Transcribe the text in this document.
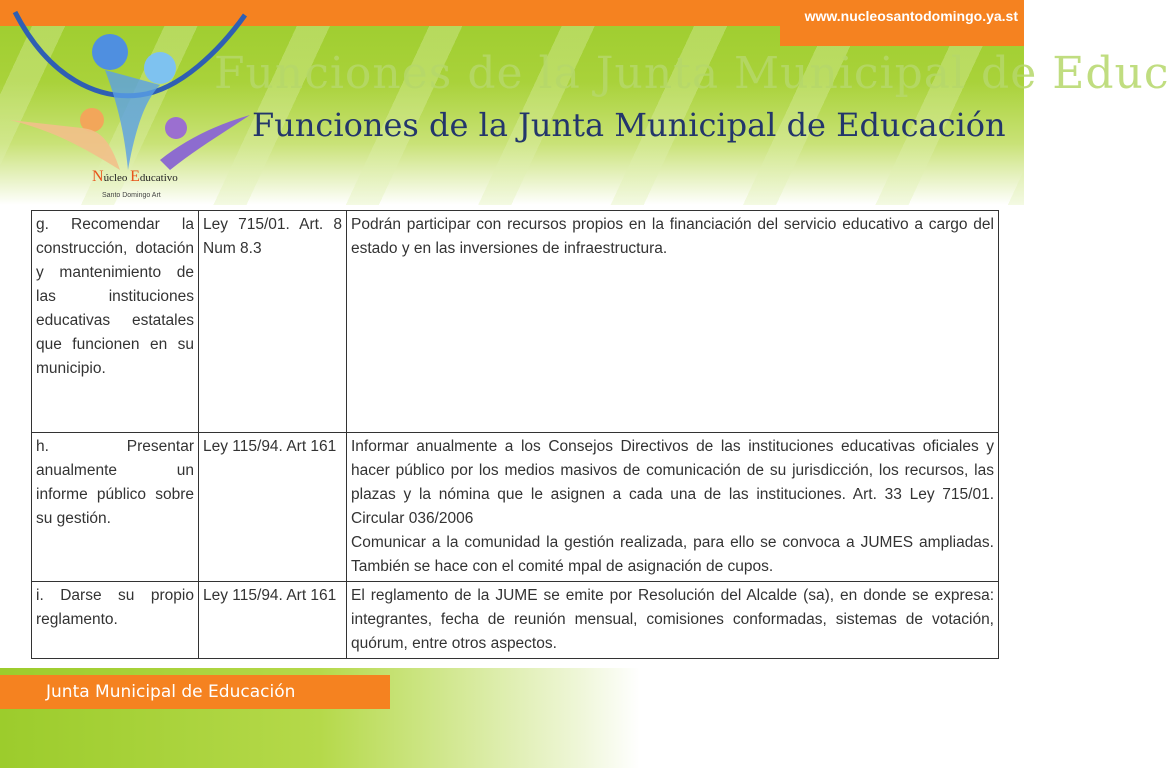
www.nucleosantodomingo.ya.st
Núcleo Educativo
Santo Domingo Art
Funciones de la Junta Municipal de Educ
Funciones de la Junta Municipal de Educación
g. Recomendar la construcción, dotación y mantenimiento de las instituciones educativas estatales que funcionen en su municipio.	Ley 715/01. Art. 8 Num 8.3	Podrán participar con recursos propios en la financiación del servicio educativo a cargo del estado y en las inversiones de infraestructura.
h. Presentar anualmente un informe público sobre su gestión.	Ley 115/94. Art 161	Informar anualmente a los Consejos Directivos de las instituciones educativas oficiales y hacer público por los medios masivos de comunicación de su jurisdicción, los recursos, las plazas y la nómina que le asignen a cada una de las instituciones. Art. 33 Ley 715/01. Circular 036/2006
Comunicar a la comunidad la gestión realizada, para ello se convoca a JUMES ampliadas. También se hace con el comité mpal de asignación de cupos.

i. Darse su propio reglamento.	Ley 115/94. Art 161	El reglamento de la JUME se emite por Resolución del Alcalde (sa), en donde se expresa: integrantes, fecha de reunión mensual, comisiones conformadas, sistemas de votación, quórum, entre otros aspectos.
Junta Municipal de Educación
